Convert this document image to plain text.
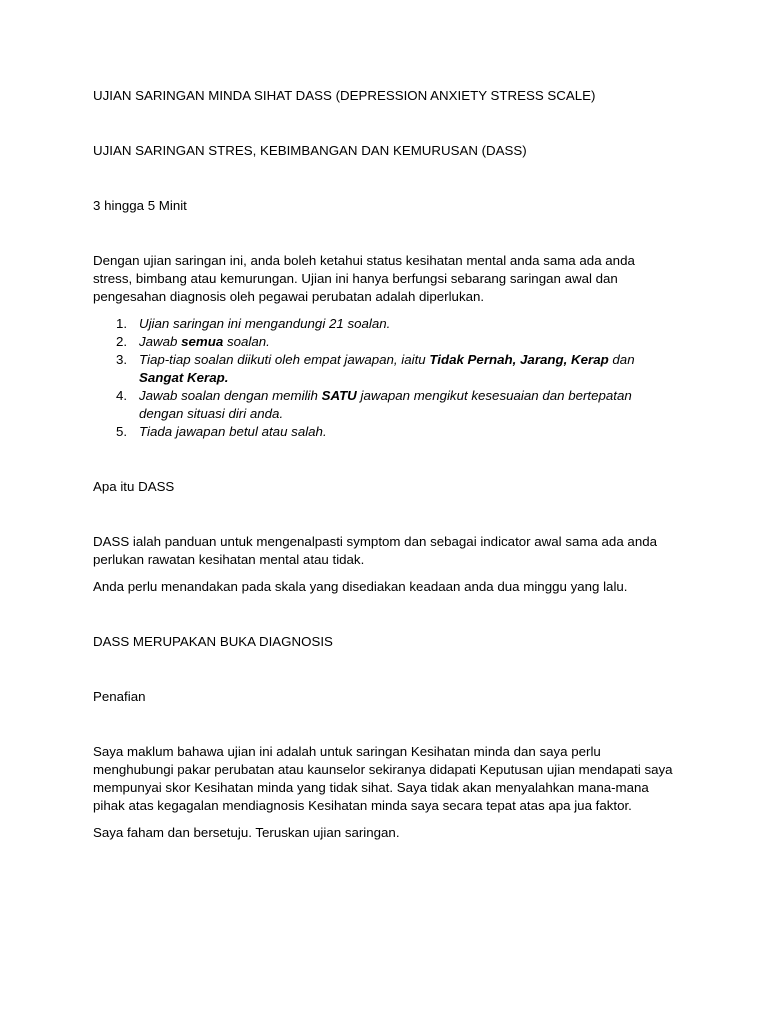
UJIAN SARINGAN MINDA SIHAT DASS (DEPRESSION ANXIETY STRESS SCALE)

UJIAN SARINGAN STRES, KEBIMBANGAN DAN KEMURUSAN (DASS)

3 hingga 5 Minit

Dengan ujian saringan ini, anda boleh ketahui status kesihatan mental anda sama ada anda stress, bimbang atau kemurungan. Ujian ini hanya berfungsi sebarang saringan awal dan pengesahan diagnosis oleh pegawai perubatan adalah diperlukan.

1. Ujian saringan ini mengandungi 21 soalan.
2. Jawab semua soalan.
3. Tiap-tiap soalan diikuti oleh empat jawapan, iaitu Tidak Pernah, Jarang, Kerap dan Sangat Kerap.
4. Jawab soalan dengan memilih SATU jawapan mengikut kesesuaian dan bertepatan dengan situasi diri anda.
5. Tiada jawapan betul atau salah.

Apa itu DASS

DASS ialah panduan untuk mengenalpasti symptom dan sebagai indicator awal sama ada anda perlukan rawatan kesihatan mental atau tidak.

Anda perlu menandakan pada skala yang disediakan keadaan anda dua minggu yang lalu.

DASS MERUPAKAN BUKA DIAGNOSIS

Penafian

Saya maklum bahawa ujian ini adalah untuk saringan Kesihatan minda dan saya perlu menghubungi pakar perubatan atau kaunselor sekiranya didapati Keputusan ujian mendapati saya mempunyai skor Kesihatan minda yang tidak sihat. Saya tidak akan menyalahkan mana-mana pihak atas kegagalan mendiagnosis Kesihatan minda saya secara tepat atas apa jua faktor.

Saya faham dan bersetuju. Teruskan ujian saringan.
